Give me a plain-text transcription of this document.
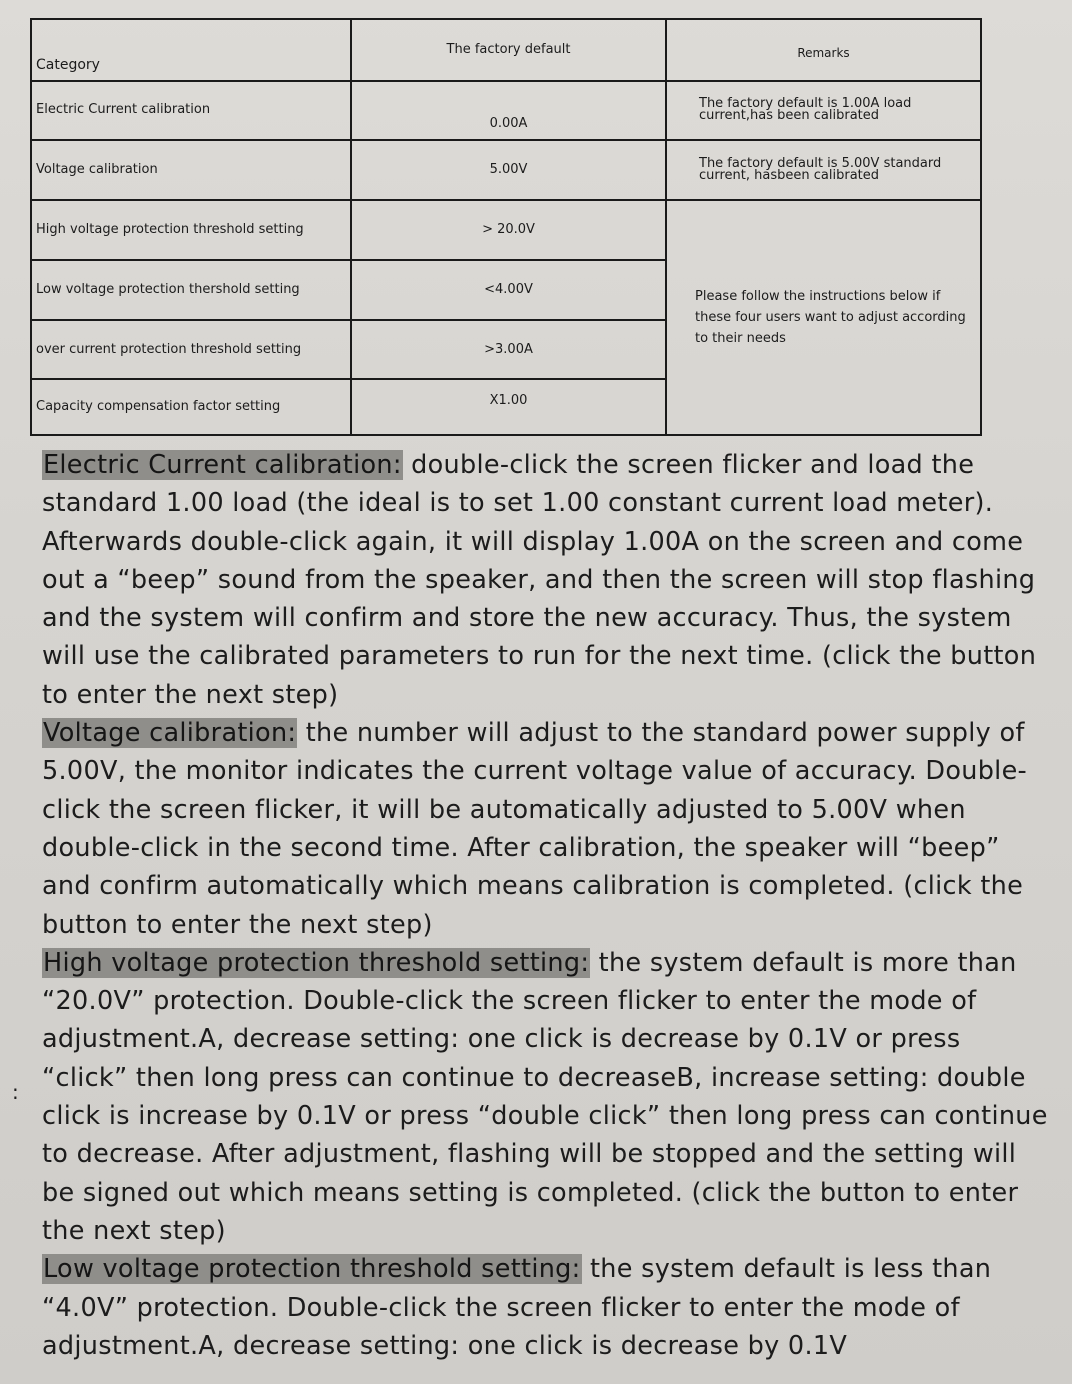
Category	The factory default	Remarks
Electric Current calibration	0.00A	The factory default is 1.00A load current,has been calibrated
Voltage calibration	5.00V	The factory default is 5.00V standard current, hasbeen calibrated
High voltage protection threshold setting	> 20.0V	Please follow the instructions below if these four users want to adjust according to their needs
Low voltage protection thershold setting	<4.00V	
over current protection threshold setting	>3.00A	
Capacity compensation factor setting	X1.00	

Electric Current calibration: double-click the screen flicker and load the standard 1.00 load (the ideal is to set 1.00 constant current load meter). Afterwards double-click again, it will display 1.00A on the screen and come out a “beep” sound from the speaker, and then the screen will stop flashing and the system will confirm and store the new accuracy. Thus, the system will use the calibrated parameters to run for the next time. (click the button to enter the next step)

Voltage calibration: the number will adjust to the standard power supply of 5.00V, the monitor indicates the current voltage value of accuracy. Double-click the screen flicker, it will be automatically adjusted to 5.00V when double-click in the second time. After calibration, the speaker will “beep” and confirm automatically which means calibration is completed. (click the button to enter the next step)

High voltage protection threshold setting: the system default is more than “20.0V” protection. Double-click the screen flicker to enter the mode of adjustment.A, decrease setting: one click is decrease by 0.1V or press “click” then long press can continue to decreaseB, increase setting: double click is increase by 0.1V or press “double click” then long press can continue to decrease. After adjustment, flashing will be stopped and the setting will be signed out which means setting is completed. (click the button to enter the next step)

Low voltage protection threshold setting: the system default is less than “4.0V” protection. Double-click the screen flicker to enter the mode of adjustment.A, decrease setting: one click is decrease by 0.1V

:
